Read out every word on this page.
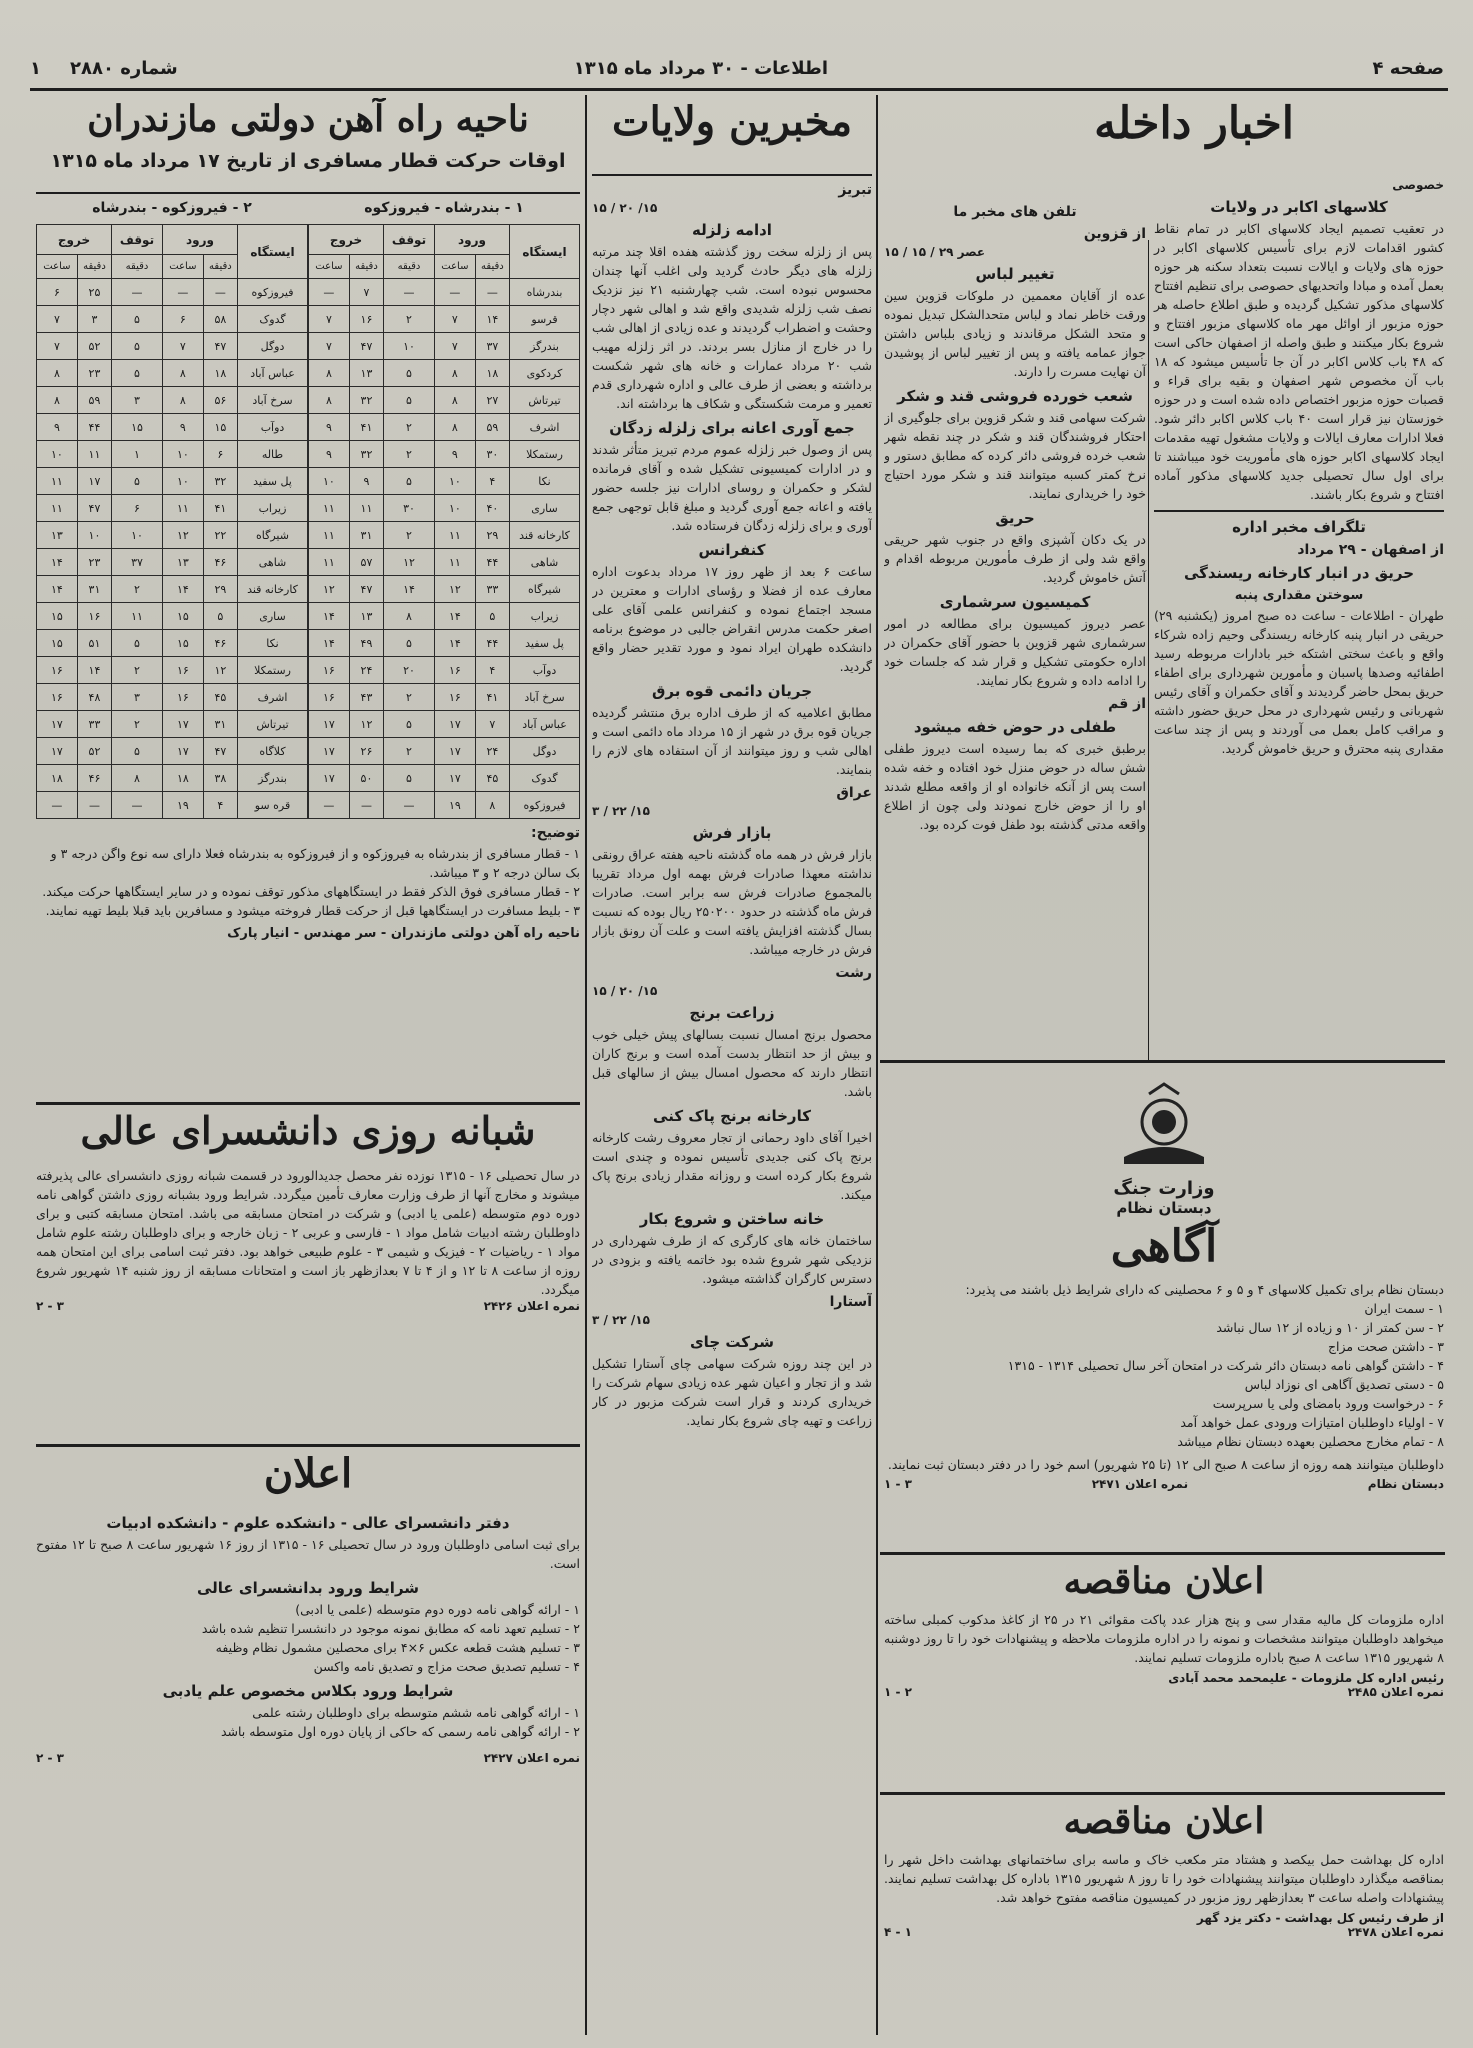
صفحه ۴
اطلاعات - ۳۰ مرداد ماه ۱۳۱۵
شماره ۲۸۸۰
۱
اخبار داخله
خصوصی
کلاسهای اکابر در ولایات
در تعقیب تصمیم ایجاد کلاسهای اکابر در تمام نقاط کشور اقدامات لازم برای تأسیس کلاسهای اکابر در حوزه های ولایات و ایالات نسبت بتعداد سکنه هر حوزه بعمل آمده و مبادا واتحدیهای حصوصی برای تنظیم افتتاح کلاسهای مذکور تشکیل گردیده و طبق اطلاع حاصله هر حوزه مزبور از اوائل مهر ماه کلاسهای مزبور افتتاح و شروع بکار میکنند و طبق واصله از اصفهان حاکی است که ۴۸ باب کلاس اکابر در آن جا تأسیس میشود که ۱۸ باب آن مخصوص شهر اصفهان و بقیه برای قراء و قصبات حوزه مزبور اختصاص داده شده است و در حوزه خوزستان نیز قرار است ۴۰ باب کلاس اکابر دائر شود. فعلا ادارات معارف ایالات و ولایات مشغول تهیه مقدمات ایجاد کلاسهای اکابر حوزه های مأموریت خود میباشند تا برای اول سال تحصیلی جدید کلاسهای مذکور آماده افتتاح و شروع بکار باشند.
تلگراف مخبر اداره
از اصفهان - ۲۹ مرداد
حریق در انبار کارخانه ریسندگی
سوختن مقداری پنبه
طهران - اطلاعات - ساعت ده صبح امروز (یکشنبه ۲۹) حریقی در انبار پنبه کارخانه ریسندگی وحیم زاده شرکاء واقع و باعث سختی اشتکه خبر بادارات مربوطه رسید اطفائیه وصدها پاسبان و مأمورین شهرداری برای اطفاء حریق بمحل حاضر گردیدند و آقای حکمران و آقای رئیس شهربانی و رئیس شهرداری در محل حریق حضور داشته و مراقب کامل بعمل می آوردند و پس از چند ساعت مقداری پنبه محترق و حریق خاموش گردید.
تلفن های مخبر ما
از قزوین
عصر ۲۹ / ۱۵ / ۱۵
تغییر لباس
عده از آقایان معممین در ملوکات قزوین سین ورقت خاطر نماد و لباس متحدالشکل تبدیل نموده و متحد الشکل مرقاندند و زیادی بلباس داشتن جواز عمامه یافته و پس از تغییر لباس از پوشیدن آن نهایت مسرت را دارند.
شعب خورده فروشی قند و شکر
شرکت سهامی قند و شکر قزوین برای جلوگیری از احتکار فروشندگان قند و شکر در چند نقطه شهر شعب خرده فروشی دائر کرده که مطابق دستور و نرخ کمتر کسبه میتوانند قند و شکر مورد احتیاج خود را خریداری نمایند.
حریق
در یک دکان آشپزی واقع در جنوب شهر حریقی واقع شد ولی از طرف مأمورین مربوطه اقدام و آتش خاموش گردید.
کمیسیون سرشماری
عصر دیروز کمیسیون برای مطالعه در امور سرشماری شهر قزوین با حضور آقای حکمران در اداره حکومتی تشکیل و قرار شد که جلسات خود را ادامه داده و شروع بکار نمایند.
از قم
طفلی در حوض خفه میشود
برطبق خبری که بما رسیده است دیروز طفلی شش ساله در حوض منزل خود افتاده و خفه شده است پس از آنکه خانواده او از واقعه مطلع شدند او را از حوض خارج نمودند ولی چون از اطلاع واقعه مدتی گذشته بود طفل فوت کرده بود.
وزارت جنگ
دبستان نظام
آگاهی
دبستان نظام برای تکمیل کلاسهای ۴ و ۵ و ۶ محصلینی که دارای شرایط ذیل باشند می پذیرد:
۱ - سمت ایران
۲ - سن کمتر از ۱۰ و زیاده از ۱۲ سال نباشد
۳ - داشتن صحت مزاج
۴ - داشتن گواهی نامه دبستان دائر شرکت در امتحان آخر سال تحصیلی ۱۳۱۴ - ۱۳۱۵
۵ - دستی تصدیق آگاهی ای نوزاد لباس
۶ - درخواست ورود بامضای ولی یا سرپرست
۷ - اولیاء داوطلبان امتیازات ورودی عمل خواهد آمد
۸ - تمام مخارج محصلین بعهده دبستان نظام میباشد
داوطلبان میتوانند همه روزه از ساعت ۸ صبح الی ۱۲ (تا ۲۵ شهریور) اسم خود را در دفتر دبستان ثبت نمایند.
دبستان نظام
نمره اعلان ۲۴۷۱
۳ - ۱
اعلان مناقصه
اداره ملزومات کل مالیه مقدار سی و پنج هزار عدد پاکت مقوائی ۲۱ در ۲۵ از کاغذ مدکوب کمبلی ساخته میخواهد داوطلبان میتوانند مشخصات و نمونه را در اداره ملزومات ملاحظه و پیشنهادات خود را تا روز دوشنبه ۸ شهریور ۱۳۱۵ ساعت ۸ صبح باداره ملزومات تسلیم نمایند.
رئیس اداره کل ملزومات - علیمحمد محمد آبادی
نمره اعلان ۲۴۸۵
۲ - ۱
اعلان مناقصه
اداره کل بهداشت حمل بیکصد و هشتاد متر مکعب خاک و ماسه برای ساختمانهای بهداشت داخل شهر را بمناقصه میگذارد داوطلبان میتوانند پیشنهادات خود را تا روز ۸ شهریور ۱۳۱۵ باداره کل بهداشت تسلیم نمایند. پیشنهادات واصله ساعت ۳ بعدازظهر روز مزبور در کمیسیون مناقصه مفتوح خواهد شد.
از طرف رئیس کل بهداشت - دکتر یزد گهر
نمره اعلان ۲۴۷۸
۱ - ۴
مخبرین ولایات
تبریز
۱۵/ ۲۰ / ۱۵
ادامه زلزله
پس از زلزله سخت روز گذشته هفده اقلا چند مرتبه زلزله های دیگر حادث گردید ولی اغلب آنها چندان محسوس نبوده است. شب چهارشنبه ۲۱ نیز نزدیک نصف شب زلزله شدیدی واقع شد و اهالی شهر دچار وحشت و اضطراب گردیدند و عده زیادی از اهالی شب را در خارج از منازل بسر بردند. در اثر زلزله مهیب شب ۲۰ مرداد عمارات و خانه های شهر شکست برداشته و بعضی از طرف عالی و اداره شهرداری قدم تعمیر و مرمت شکستگی و شکاف ها برداشته اند.
جمع آوری اعانه برای زلزله زدگان
پس از وصول خبر زلزله عموم مردم تبریز متأثر شدند و در ادارات کمیسیونی تشکیل شده و آقای فرمانده لشکر و حکمران و روسای ادارات نیز جلسه حضور یافته و اعانه جمع آوری گردید و مبلغ قابل توجهی جمع آوری و برای زلزله زدگان فرستاده شد.
کنفرانس
ساعت ۶ بعد از ظهر روز ۱۷ مرداد بدعوت اداره معارف عده از فضلا و رؤسای ادارات و معترین در مسجد اجتماع نموده و کنفرانس علمی آقای علی اصغر حکمت مدرس انقراض جالبی در موضوع برنامه دانشکده طهران ایراد نمود و مورد تقدیر حضار واقع گردید.
جریان دائمی قوه برق
مطابق اعلامیه که از طرف اداره برق منتشر گردیده جریان قوه برق در شهر از ۱۵ مرداد ماه دائمی است و اهالی شب و روز میتوانند از آن استفاده های لازم را بنمایند.
عراق
۱۵/ ۲۲ / ۳
بازار فرش
بازار فرش در همه ماه گذشته ناحیه هفته عراق رونقی نداشته معهذا صادرات فرش بهمه اول مرداد تقریبا بالمجموع صادرات فرش سه برابر است. صادرات فرش ماه گذشته در حدود ۲۵۰۲۰۰ ریال بوده که نسبت بسال گذشته افزایش یافته است و علت آن رونق بازار فرش در خارجه میباشد.
رشت
۱۵/ ۲۰ / ۱۵
زراعت برنج
محصول برنج امسال نسبت بسالهای پیش خیلی خوب و بیش از حد انتظار بدست آمده است و برنج کاران انتظار دارند که محصول امسال بیش از سالهای قبل باشد.
کارخانه برنج پاک کنی
اخیرا آقای داود رحمانی از تجار معروف رشت کارخانه برنج پاک کنی جدیدی تأسیس نموده و چندی است شروع بکار کرده است و روزانه مقدار زیادی برنج پاک میکند.
خانه ساختن و شروع بکار
ساختمان خانه های کارگری که از طرف شهرداری در نزدیکی شهر شروع شده بود خاتمه یافته و بزودی در دسترس کارگران گذاشته میشود.
آستارا
۱۵/ ۲۲ / ۳
شرکت چای
در این چند روزه شرکت سهامی چای آستارا تشکیل شد و از تجار و اعیان شهر عده زیادی سهام شرکت را خریداری کردند و قرار است شرکت مزبور در کار زراعت و تهیه چای شروع بکار نماید.
ناحیه راه آهن دولتی مازندران
اوقات حرکت قطار مسافری از تاریخ ۱۷ مرداد ماه ۱۳۱۵
۱ - بندرشاه - فیروزکوه
۲ - فیروزکوه - بندرشاه
ایستگاه	ورود		توقف	خروج	
	دقیقه	ساعت	دقیقه	دقیقه	ساعت
بندرشاه	—	—	—	۷	—
قرسو	۱۴	۷	۲	۱۶	۷
بندرگز	۳۷	۷	۱۰	۴۷	۷
کردکوی	۱۸	۸	۵	۱۳	۸
تیرتاش	۲۷	۸	۵	۳۲	۸
اشرف	۵۹	۸	۲	۴۱	۹
رستمکلا	۳۰	۹	۲	۳۲	۹
نکا	۴	۱۰	۵	۹	۱۰
ساری	۴۰	۱۰	۳۰	۱۱	۱۱
کارخانه قند	۲۹	۱۱	۲	۳۱	۱۱
شاهی	۴۴	۱۱	۱۲	۵۷	۱۱
شیرگاه	۳۳	۱۲	۱۴	۴۷	۱۲
زیراب	۵	۱۴	۸	۱۳	۱۴
پل سفید	۴۴	۱۴	۵	۴۹	۱۴
دوآب	۴	۱۶	۲۰	۲۴	۱۶
سرخ آباد	۴۱	۱۶	۲	۴۳	۱۶
عباس آباد	۷	۱۷	۵	۱۲	۱۷
دوگل	۲۴	۱۷	۲	۲۶	۱۷
گدوک	۴۵	۱۷	۵	۵۰	۱۷
فیروزکوه	۸	۱۹	—	—	—
ایستگاه	ورود		توقف	خروج	
	دقیقه	ساعت	دقیقه	دقیقه	ساعت
فیروزکوه	—	—	—	۲۵	۶
گدوک	۵۸	۶	۵	۳	۷
دوگل	۴۷	۷	۵	۵۲	۷
عباس آباد	۱۸	۸	۵	۲۳	۸
سرخ آباد	۵۶	۸	۳	۵۹	۸
دوآب	۱۵	۹	۱۵	۴۴	۹
طاله	۶	۱۰	۱	۱۱	۱۰
پل سفید	۳۲	۱۰	۵	۱۷	۱۱
زیراب	۴۱	۱۱	۶	۴۷	۱۱
شیرگاه	۲۲	۱۲	۱۰	۱۰	۱۳
شاهی	۴۶	۱۳	۳۷	۲۳	۱۴
کارخانه قند	۲۹	۱۴	۲	۳۱	۱۴
ساری	۵	۱۵	۱۱	۱۶	۱۵
نکا	۴۶	۱۵	۵	۵۱	۱۵
رستمکلا	۱۲	۱۶	۲	۱۴	۱۶
اشرف	۴۵	۱۶	۳	۴۸	۱۶
تیرتاش	۳۱	۱۷	۲	۳۳	۱۷
کلاگاه	۴۷	۱۷	۵	۵۲	۱۷
بندرگز	۳۸	۱۸	۸	۴۶	۱۸
قره سو	۴	۱۹	—	—	—
توضیح:
۱ - قطار مسافری از بندرشاه به فیروزکوه و از فیروزکوه به بندرشاه فعلا دارای سه نوع واگن درجه ۳ و بک سالن درجه ۲ و ۳ میباشد.
۲ - قطار مسافری فوق الذکر فقط در ایستگاههای مذکور توقف نموده و در سایر ایستگاهها حرکت میکند.
۳ - بلیط مسافرت در ایستگاهها قبل از حرکت قطار فروخته میشود و مسافرین باید قبلا بلیط تهیه نمایند.
ناحیه راه آهن دولتی مازندران - سر مهندس - انیار پارک
شبانه روزی دانشسرای عالی
در سال تحصیلی ۱۶ - ۱۳۱۵ نوزده نفر محصل جدیدالورود در قسمت شبانه روزی دانشسرای عالی پذیرفته میشوند و مخارج آنها از طرف وزارت معارف تأمین میگردد. شرایط ورود بشبانه روزی داشتن گواهی نامه دوره دوم متوسطه (علمی یا ادبی) و شرکت در امتحان مسابقه می باشد. امتحان مسابقه کتبی و برای داوطلبان رشته ادبیات شامل مواد ۱ - فارسی و عربی ۲ - زبان خارجه و برای داوطلبان رشته علوم شامل مواد ۱ - ریاضیات ۲ - فیزیک و شیمی ۳ - علوم طبیعی خواهد بود. دفتر ثبت اسامی برای این امتحان همه روزه از ساعت ۸ تا ۱۲ و از ۴ تا ۷ بعدازظهر باز است و امتحانات مسابقه از روز شنبه ۱۴ شهریور شروع میگردد.
نمره اعلان ۲۴۲۶
۳ - ۲
اعلان
دفتر دانشسرای عالی - دانشکده علوم - دانشکده ادبیات
برای ثبت اسامی داوطلبان ورود در سال تحصیلی ۱۶ - ۱۳۱۵ از روز ۱۶ شهریور ساعت ۸ صبح تا ۱۲ مفتوح است.
شرایط ورود بدانشسرای عالی
۱ - ارائه گواهی نامه دوره دوم متوسطه (علمی یا ادبی)
۲ - تسلیم تعهد نامه که مطابق نمونه موجود در دانشسرا تنظیم شده باشد
۳ - تسلیم هشت قطعه عکس ۶×۴ برای محصلین مشمول نظام وظیفه
۴ - تسلیم تصدیق صحت مزاج و تصدیق نامه واکسن
شرایط ورود بکلاس مخصوص علم یادبی
۱ - ارائه گواهی نامه ششم متوسطه برای داوطلبان رشته علمی
۲ - ارائه گواهی نامه رسمی که حاکی از پایان دوره اول متوسطه باشد
نمره اعلان ۲۴۲۷
۳ - ۲
